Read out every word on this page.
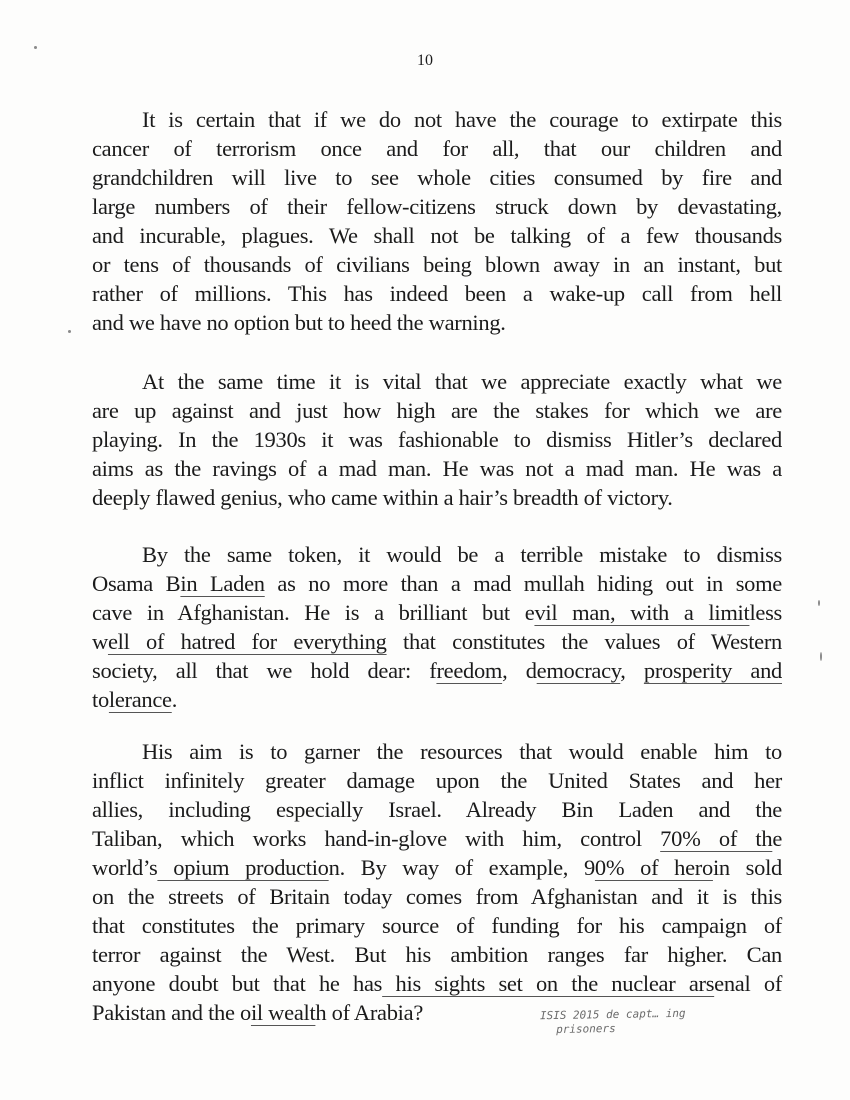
10
It is certain that if we do not have the courage to extirpate this
cancer of terrorism once and for all, that our children and
grandchildren will live to see whole cities consumed by fire and
large numbers of their fellow-citizens struck down by devastating,
and incurable, plagues. We shall not be talking of a few thousands
or tens of thousands of civilians being blown away in an instant, but
rather of millions. This has indeed been a wake-up call from hell
and we have no option but to heed the warning.
At the same time it is vital that we appreciate exactly what we
are up against and just how high are the stakes for which we are
playing. In the 1930s it was fashionable to dismiss Hitler’s declared
aims as the ravings of a mad man. He was not a mad man. He was a
deeply flawed genius, who came within a hair’s breadth of victory.
By the same token, it would be a terrible mistake to dismiss
Osama Bin Laden as no more than a mad mullah hiding out in some
cave in Afghanistan. He is a brilliant but evil man, with a limitless
well of hatred for everything that constitutes the values of Western
society, all that we hold dear: freedom, democracy, prosperity and
tolerance.
His aim is to garner the resources that would enable him to
inflict infinitely greater damage upon the United States and her
allies, including especially Israel. Already Bin Laden and the
Taliban, which works hand-in-glove with him, control 70% of the
world’s opium production. By way of example, 90% of heroin sold
on the streets of Britain today comes from Afghanistan and it is this
that constitutes the primary source of funding for his campaign of
terror against the West. But his ambition ranges far higher. Can
anyone doubt but that he has his sights set on the nuclear arsenal of
Pakistan and the oil wealth of Arabia?	ISIS 2015 de capt… ing
prisoners
